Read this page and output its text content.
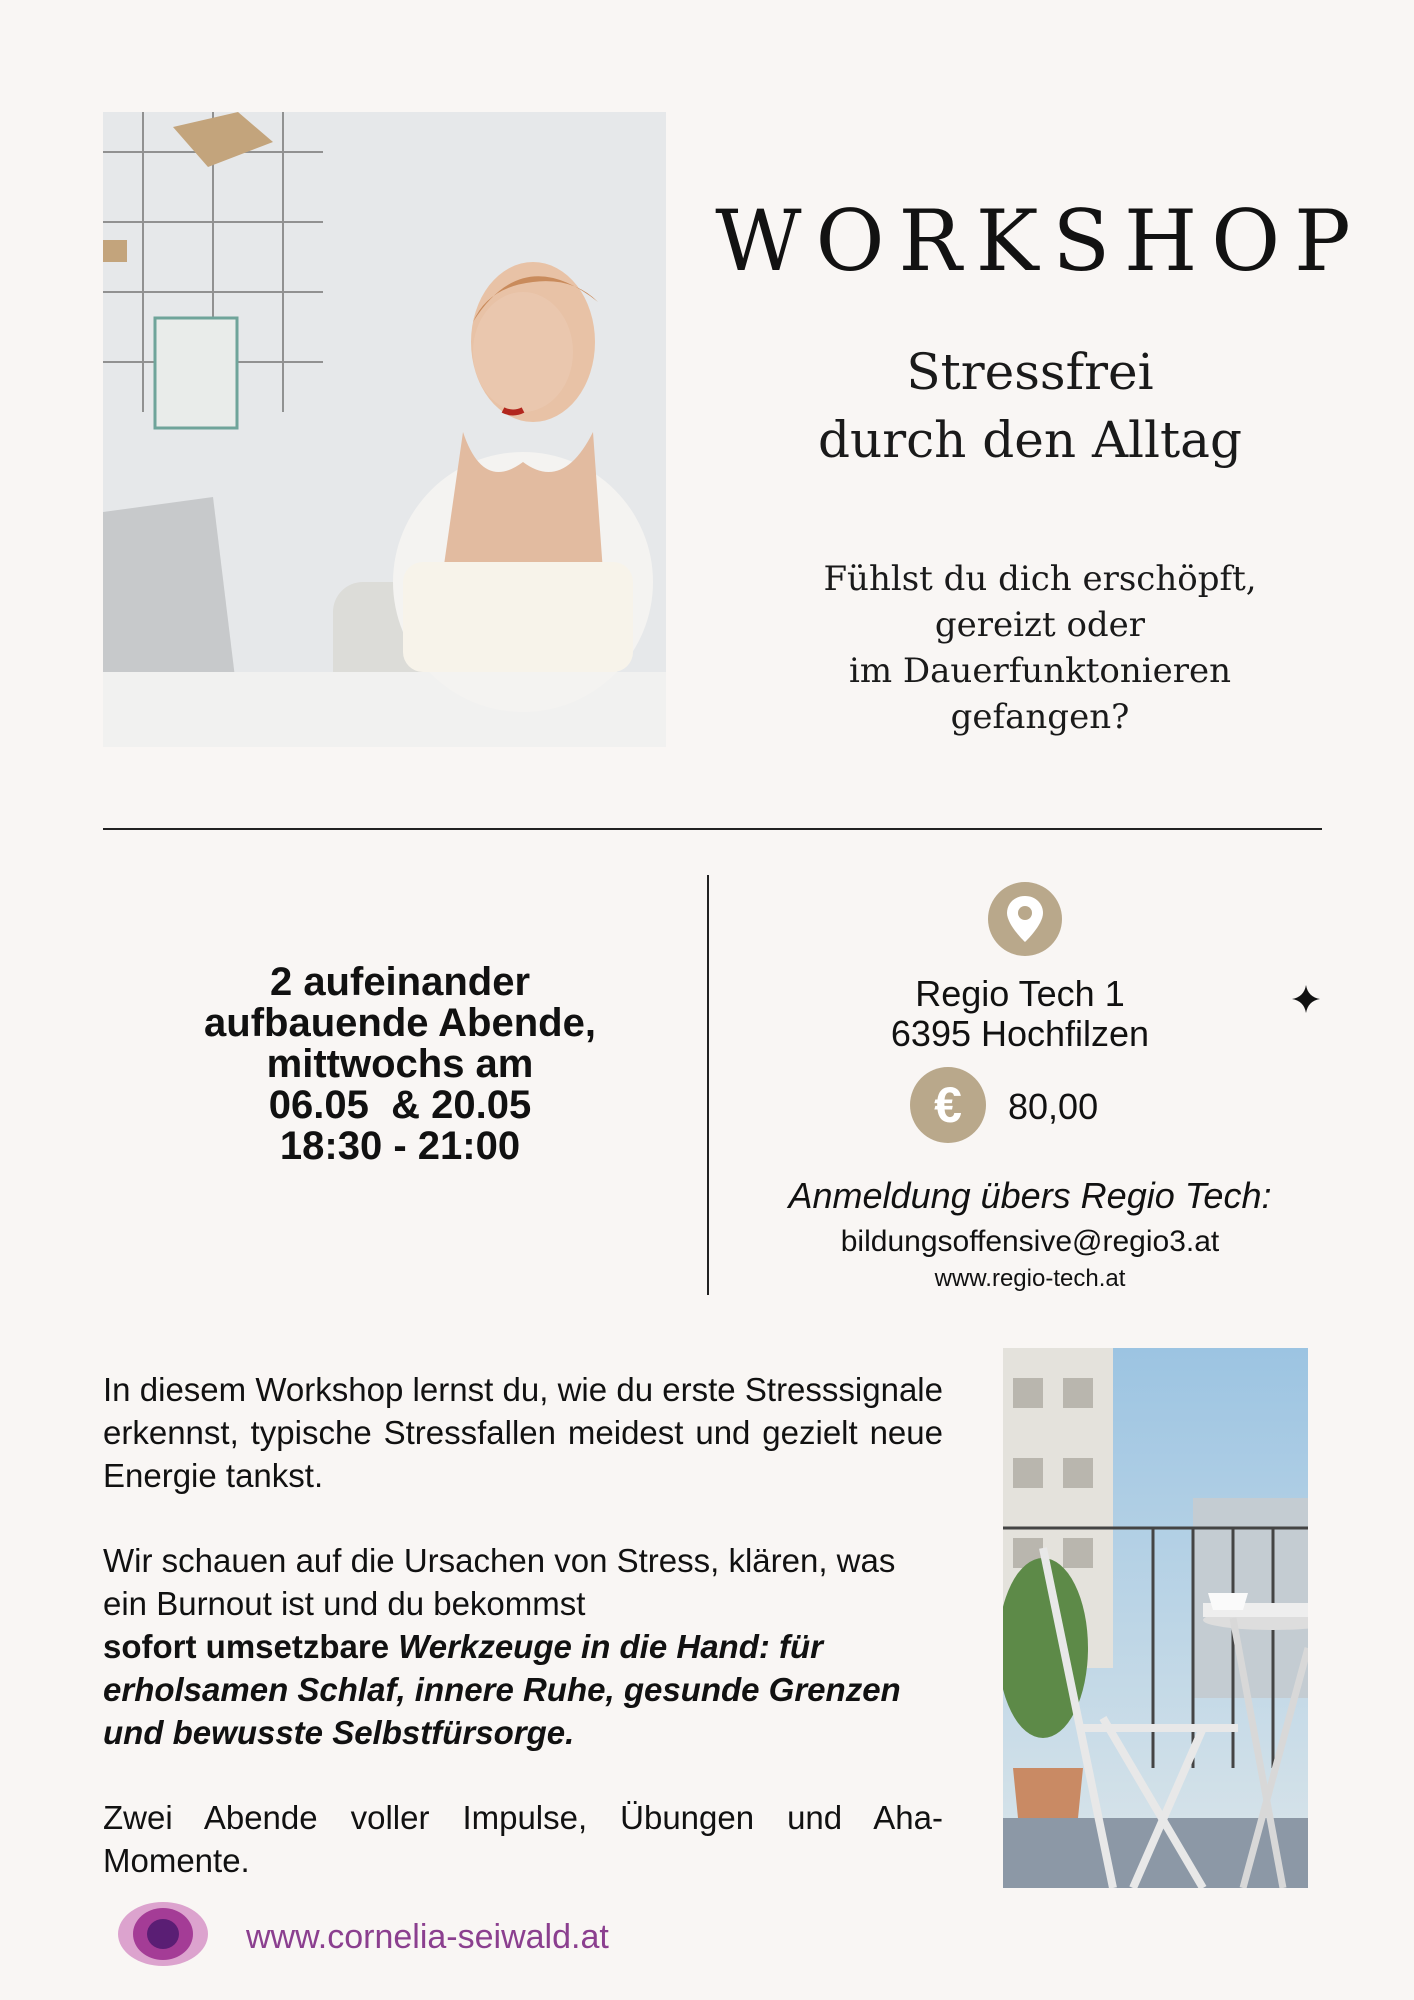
WORKSHOP
Stressfrei
durch den Alltag
Fühlst du dich erschöpft,
gereizt oder
im Dauerfunktonieren
gefangen?
2 aufeinander
aufbauende Abende,
mittwochs am
06.05  & 20.05
18:30 - 21:00
Regio Tech 1
6395 Hochfilzen
€	80,00
Anmeldung übers Regio Tech:
bildungsoffensive@regio3.at
www.regio-tech.at

In diesem Workshop lernst du, wie du erste Stresssignale erkennst, typische Stressfallen meidest und gezielt neue Energie tankst.

Wir schauen auf die Ursachen von Stress, klären, was ein Burnout ist und du bekommst
sofort umsetzbare Werkzeuge in die Hand: für erholsamen Schlaf, innere Ruhe, gesunde Grenzen und bewusste Selbstfürsorge.

Zwei Abende voller Impulse, Übungen und Aha-Momente.

www.cornelia-seiwald.at
